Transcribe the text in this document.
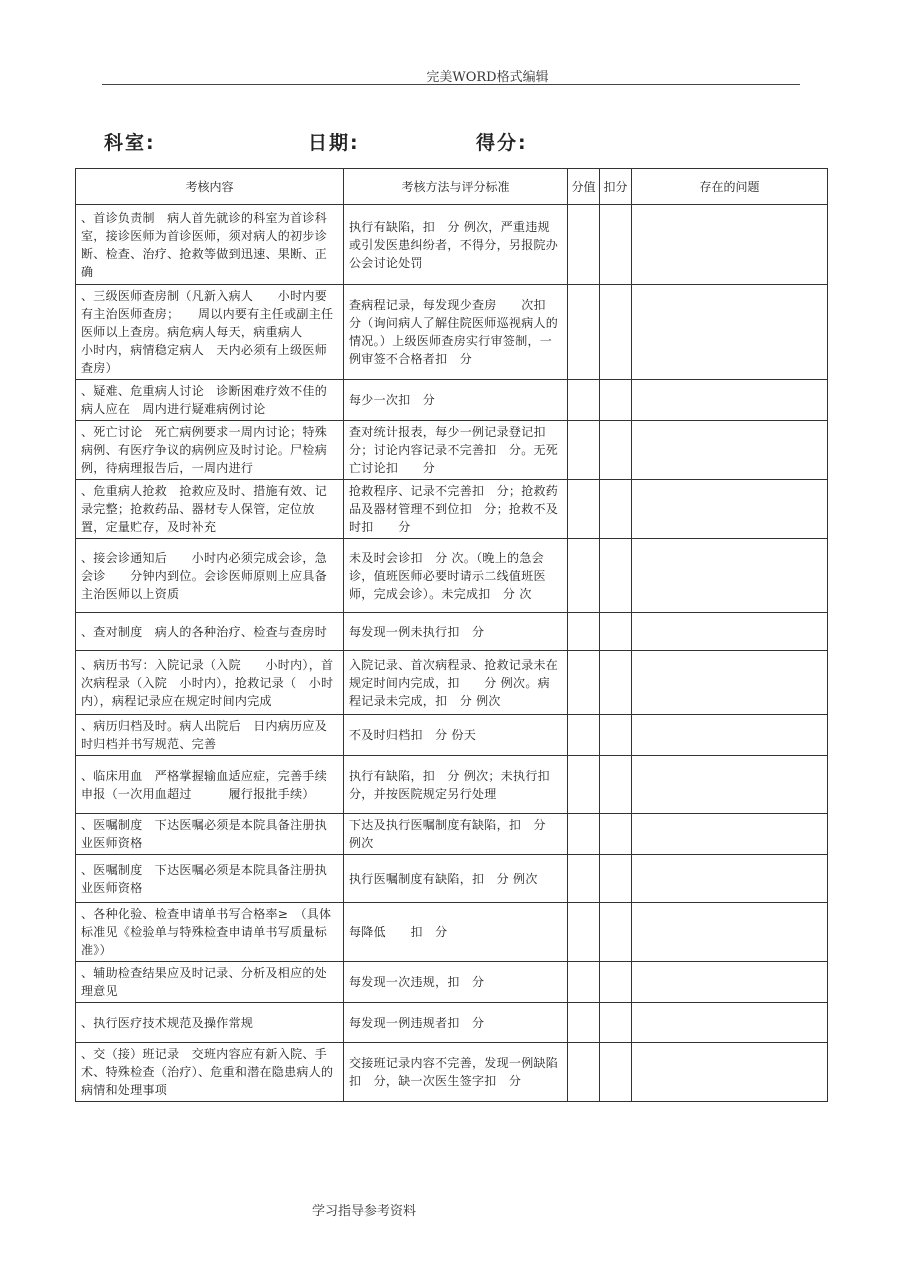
完美WORD格式编辑
科室:	日期:	得分:
考核内容	考核方法与评分标准	分值	扣分	存在的问题
、首诊负责制　病人首先就诊的科室为首诊科室，接诊医师为首诊医师，须对病人的初步诊断、检查、治疗、抢救等做到迅速、果断、正确	执行有缺陷，扣　分 例次，严重违规或引发医患纠纷者，不得分，另报院办公会讨论处罚			
、三级医师查房制（凡新入病人　　小时内要有主治医师查房；　　周以内要有主任或副主任医师以上查房。病危病人每天，病重病人　　小时内，病情稳定病人　天内必须有上级医师查房）	查病程记录，每发现少查房　　次扣　分（询问病人了解住院医师巡视病人的情况。）上级医师查房实行审签制，一例审签不合格者扣　分			
、疑难、危重病人讨论　诊断困难疗效不佳的病人应在　周内进行疑难病例讨论	每少一次扣　分			
、死亡讨论　死亡病例要求一周内讨论；特殊病例、有医疗争议的病例应及时讨论。尸检病例，待病理报告后，一周内进行	查对统计报表，每少一例记录登记扣　分；讨论内容记录不完善扣　分。无死亡讨论扣　　分			
、危重病人抢救　抢救应及时、措施有效、记录完整；抢救药品、器材专人保管，定位放置，定量贮存，及时补充	抢救程序、记录不完善扣　分；抢救药品及器材管理不到位扣　分；抢救不及时扣　　分			
、接会诊通知后　　小时内必须完成会诊，急会诊　　分钟内到位。会诊医师原则上应具备主治医师以上资质	未及时会诊扣　分 次。（晚上的急会诊，值班医师必要时请示二线值班医师，完成会诊）。未完成扣　分 次			
、查对制度　病人的各种治疗、检查与查房时	每发现一例未执行扣　分			
、病历书写：入院记录（入院　　小时内），首次病程录（入院　小时内），抢救记录（　小时内），病程记录应在规定时间内完成	入院记录、首次病程录、抢救记录未在规定时间内完成，扣　　分 例次。病程记录未完成，扣　分 例次			
、病历归档及时。病人出院后　日内病历应及时归档并书写规范、完善	不及时归档扣　分 份天			
、临床用血　严格掌握输血适应症，完善手续申报（一次用血超过　　　履行报批手续）	执行有缺陷，扣　分 例次；未执行扣　　分，并按医院规定另行处理			
、医嘱制度　下达医嘱必须是本院具备注册执业医师资格	下达及执行医嘱制度有缺陷，扣　分 例次			
、医嘱制度　下达医嘱必须是本院具备注册执业医师资格	执行医嘱制度有缺陷，扣　分 例次			
、各种化验、检查申请单书写合格率≥　（具体标准见《检验单与特殊检查申请单书写质量标准》）	每降低　　扣　分			
、辅助检查结果应及时记录、分析及相应的处理意见	每发现一次违规，扣　分			
、执行医疗技术规范及操作常规	每发现一例违规者扣　分			
、交（接）班记录　交班内容应有新入院、手术、特殊检查（治疗）、危重和潜在隐患病人的病情和处理事项	交接班记录内容不完善，发现一例缺陷扣　分，缺一次医生签字扣　分			
学习指导参考资料
